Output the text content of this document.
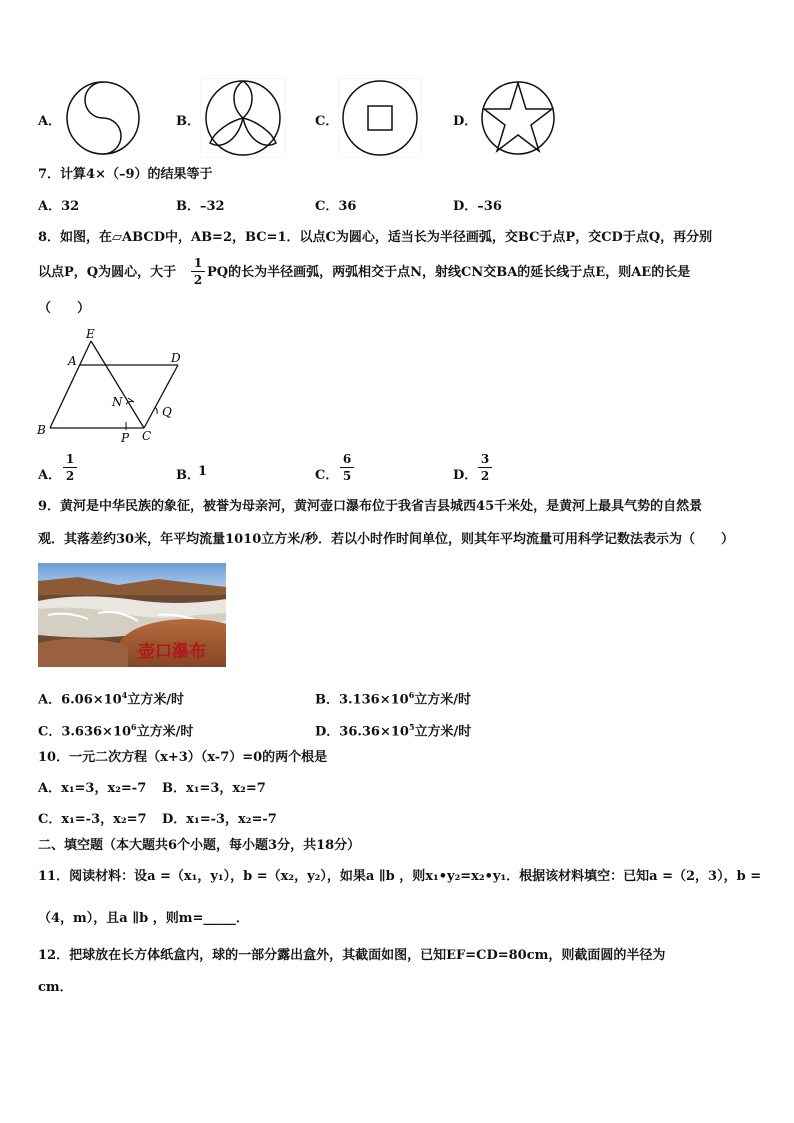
A．	B．	C．	D．
7．计算4×（–9）的结果等于
A．32	B．–32	C．36	D．–36
8．如图，在▱ABCD中，AB=2，BC=1．以点C为圆心，适当长为半径画弧，交BC于点P，交CD于点Q，再分别
以点P，Q为圆心，大于
1
2 PQ的长为半径画弧，两弧相交于点N，射线CN交BA的延长线于点E，则AE的长是
（　　）
E
A	D
N
Q
B
P C
A．
1
2	B．
1	C．
6
5	D．
3
2
9．黄河是中华民族的象征，被誉为母亲河，黄河壶口瀑布位于我省吉县城西45千米处，是黄河上最具气势的自然景
观．其落差约30米，年平均流量1010立方米/秒．若以小时作时间单位，则其年平均流量可用科学记数法表示为（　　）
壶口瀑布
A．$6.06\times 10^4$立方米/时	B．$3.136\times 10^6$立方米/时
C．$3.636\times 10^6$立方米/时	D．$36.36\times 10^5$立方米/时
10．一元二次方程（x+3）（x-7）=0的两个根是
A．x₁=3，x₂=-7 B．x₁=3，x₂=7
C．x₁=-3，x₂=7 D．x₁=-3，x₂=-7
二、填空题（本大题共6个小题，每小题3分，共18分）
11．阅读材料：设a =（x₁，y₁），b =（x₂，y₂），如果a ∥b ，则x₁•y₂=x₂•y₁．根据该材料填空：已知a =（2，3），b =
（4，m），且a ∥b ，则m=_____．
12．把球放在长方体纸盒内，球的一部分露出盒外，其截面如图，已知EF=CD=80cm，则截面圆的半径为
cm．
